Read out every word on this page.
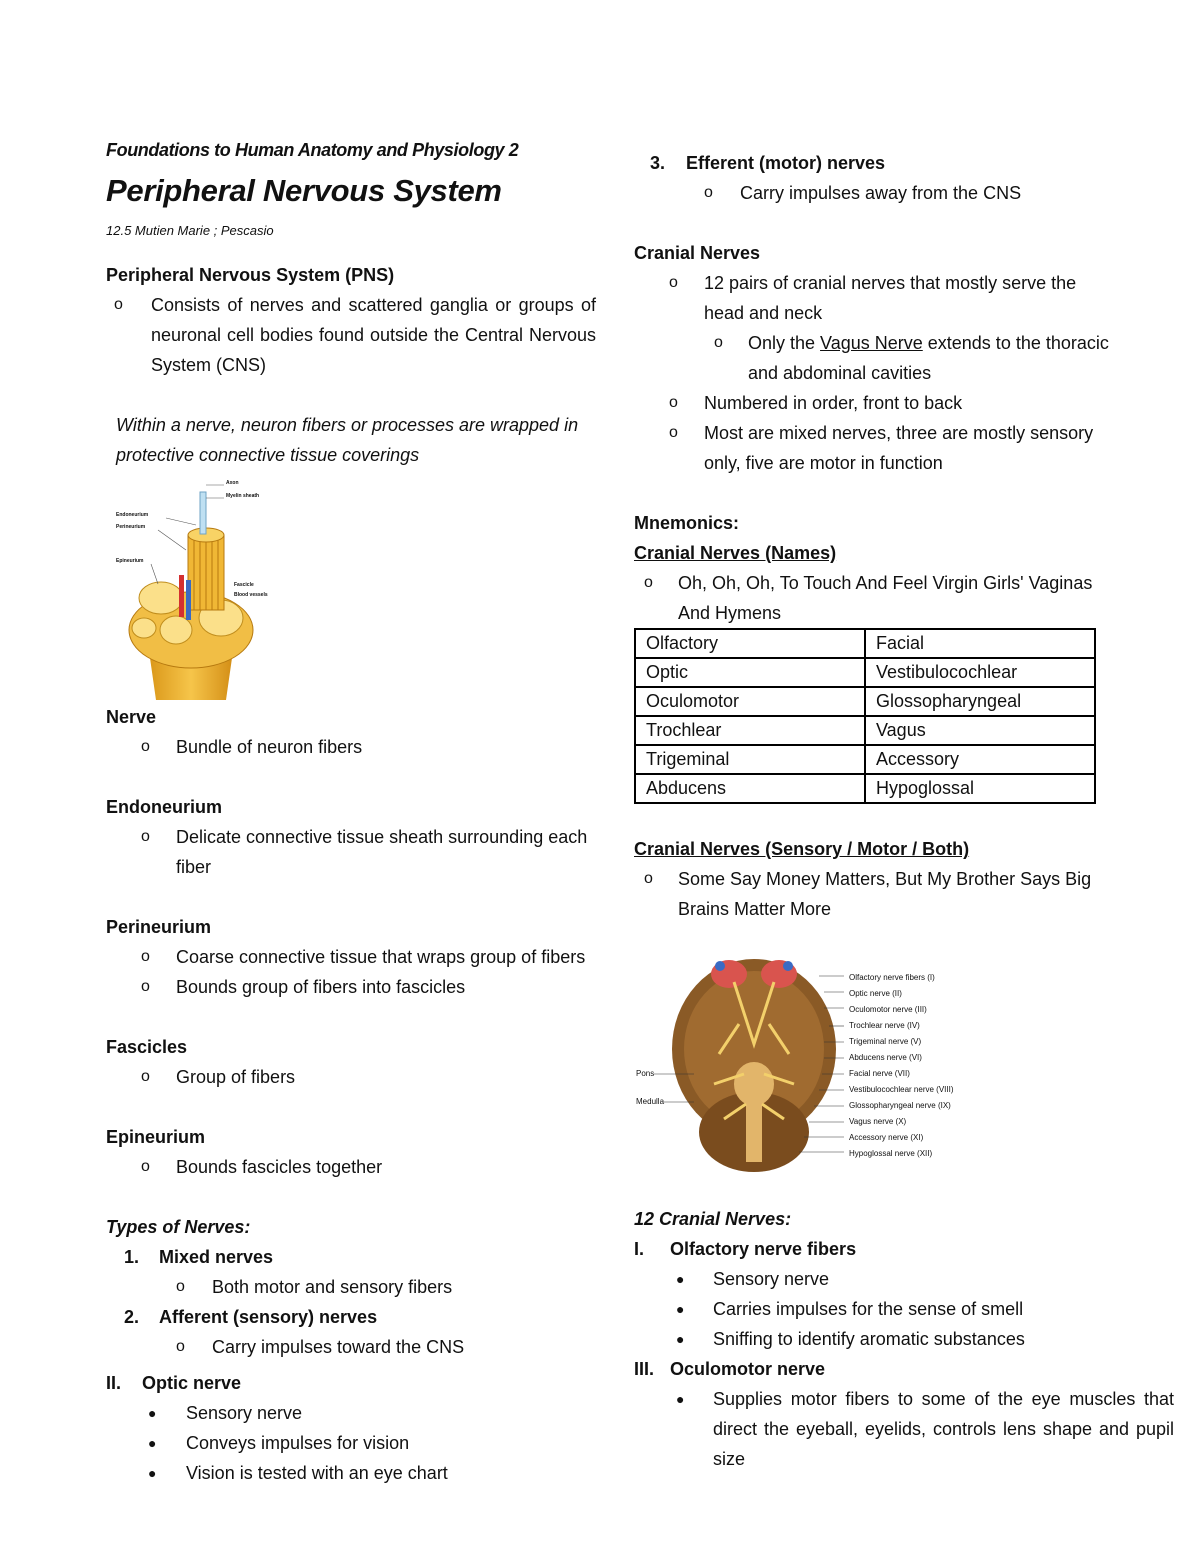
Foundations to Human Anatomy and Physiology 2

Peripheral Nervous System

12.5 Mutien Marie ; Pescasio

Peripheral Nervous System (PNS)

o Consists of nerves and scattered ganglia or groups of neuronal cell bodies found outside the Central Nervous System (CNS)
Within a nerve, neuron fibers or processes are wrapped in protective connective tissue coverings
Axon
Myelin sheath
Endoneurium
Perineurium
Epineurium
Fascicle
Blood vessels

Nerve

o Bundle of neuron fibers

Endoneurium

o Delicate connective tissue sheath surrounding each fiber

Perineurium

o Coarse connective tissue that wraps group of fibers
o Bounds group of fibers into fascicles

Fascicles

o Group of fibers

Epineurium

o Bounds fascicles together
Types of Nerves:
1. Mixed nerves
o Both motor and sensory fibers
2. Afferent (sensory) nerves
o Carry impulses toward the CNS
II. Optic nerve
● Sensory nerve
● Conveys impulses for vision
● Vision is tested with an eye chart
3. Efferent (motor) nerves
o Carry impulses away from the CNS

Cranial Nerves

o 12 pairs of cranial nerves that mostly serve the head and neck
o Only the Vagus Nerve extends to the thoracic and abdominal cavities
o Numbered in order, front to back
o Most are mixed nerves, three are mostly sensory only, five are motor in function

Mnemonics:

Cranial Nerves (Names)

o Oh, Oh, Oh, To Touch And Feel Virgin Girls' Vaginas And Hymens
Olfactory	Facial
Optic	Vestibulocochlear
Oculomotor	Glossopharyngeal
Trochlear	Vagus
Trigeminal	Accessory
Abducens	Hypoglossal

Cranial Nerves (Sensory / Motor / Both)

o Some Say Money Matters, But My Brother Says Big Brains Matter More
Pons
Medulla
Olfactory nerve fibers (I)
Optic nerve (II)
Oculomotor nerve (III)
Trochlear nerve (IV)
Trigeminal nerve (V)
Abducens nerve (VI)
Facial nerve (VII)
Vestibulocochlear nerve (VIII)
Glossopharyngeal nerve (IX)
Vagus nerve (X)
Accessory nerve (XI)
Hypoglossal nerve (XII)
12 Cranial Nerves:
I. Olfactory nerve fibers
● Sensory nerve
● Carries impulses for the sense of smell
● Sniffing to identify aromatic substances
III. Oculomotor nerve
● Supplies motor fibers to some of the eye muscles that direct the eyeball, eyelids, controls lens shape and pupil size
